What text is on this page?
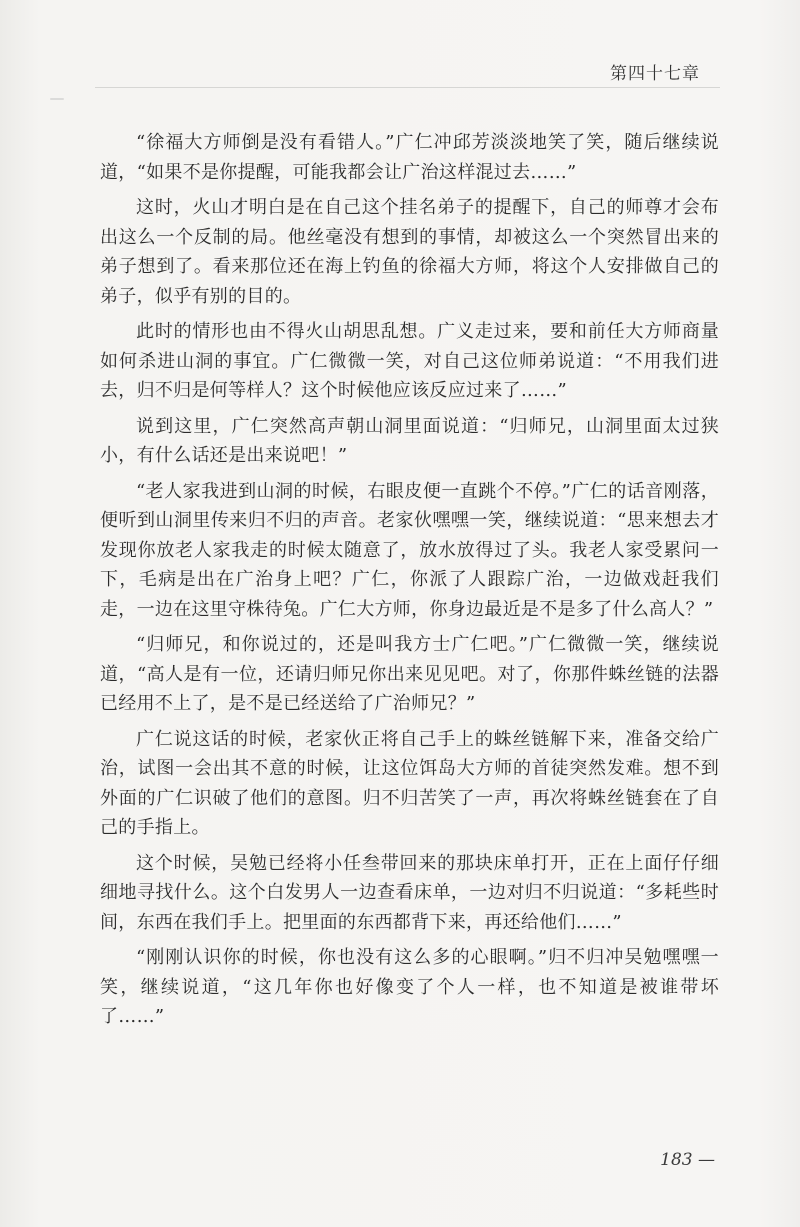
第四十七章

“徐福大方师倒是没有看错人。”广仁冲邱芳淡淡地笑了笑，随后继续说道，“如果不是你提醒，可能我都会让广治这样混过去……”

这时，火山才明白是在自己这个挂名弟子的提醒下，自己的师尊才会布出这么一个反制的局。他丝毫没有想到的事情，却被这么一个突然冒出来的弟子想到了。看来那位还在海上钓鱼的徐福大方师，将这个人安排做自己的弟子，似乎有别的目的。

此时的情形也由不得火山胡思乱想。广义走过来，要和前任大方师商量如何杀进山洞的事宜。广仁微微一笑，对自己这位师弟说道：“不用我们进去，归不归是何等样人？这个时候他应该反应过来了……”

说到这里，广仁突然高声朝山洞里面说道：“归师兄，山洞里面太过狭小，有什么话还是出来说吧！”

“老人家我进到山洞的时候，右眼皮便一直跳个不停。”广仁的话音刚落，便听到山洞里传来归不归的声音。老家伙嘿嘿一笑，继续说道：“思来想去才发现你放老人家我走的时候太随意了，放水放得过了头。我老人家受累问一下，毛病是出在广治身上吧？广仁，你派了人跟踪广治，一边做戏赶我们走，一边在这里守株待兔。广仁大方师，你身边最近是不是多了什么高人？”

“归师兄，和你说过的，还是叫我方士广仁吧。”广仁微微一笑，继续说道，“高人是有一位，还请归师兄你出来见见吧。对了，你那件蛛丝链的法器已经用不上了，是不是已经送给了广治师兄？”

广仁说这话的时候，老家伙正将自己手上的蛛丝链解下来，准备交给广治，试图一会出其不意的时候，让这位饵岛大方师的首徒突然发难。想不到外面的广仁识破了他们的意图。归不归苦笑了一声，再次将蛛丝链套在了自己的手指上。

这个时候，吴勉已经将小任叁带回来的那块床单打开，正在上面仔仔细细地寻找什么。这个白发男人一边查看床单，一边对归不归说道：“多耗些时间，东西在我们手上。把里面的东西都背下来，再还给他们……”

“刚刚认识你的时候，你也没有这么多的心眼啊。”归不归冲吴勉嘿嘿一笑，继续说道，“这几年你也好像变了个人一样，也不知道是被谁带坏了……”

183 —
